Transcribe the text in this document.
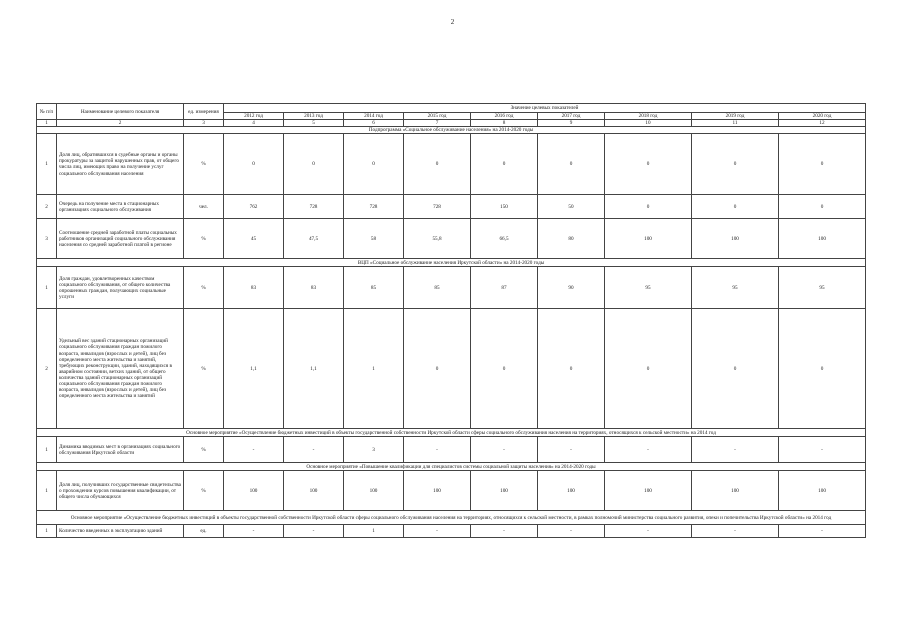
2
№ п/п	Наименование целевого показателя	ед. измерения	Значение целевых показателей								
			2012 год	2013 год	2014 год	2015 год	2016 год	2017 год	2018 год	2019 год	2020 год
1	2	3	4	5	6	7	8	9	10	11	12
Подпрограмма «Социальное обслуживание населения» на 2014-2020 годы											
1	Доля лиц, обратившихся в судебные органы и органы прокуратуры за защитой нарушенных прав, от общего числа лиц, имеющих право на получение услуг социального обслуживания населения	%	0	0	0	0	0	0	0	0	0
2	Очередь на получение места в стационарных организациях социального обслуживания	чел.	762	728	728	728	150	50	0	0	0
3	Соотношение средней заработной платы социальных работников организаций социального обслуживания населения со средней заработной платой в регионе	%	45	47,5	58	55,8	66,5	80	100	100	100
ВЦП «Социальное обслуживание населения Иркутской области» на 2014-2020 годы											
1	Доля граждан, удовлетворенных качеством социального обслуживания, от общего количества опрошенных граждан, получающих социальные услуги	%	83	83	85	85	87	90	95	95	95
2	Удельный вес зданий стационарных организаций социального обслуживания граждан пожилого возраста, инвалидов (взрослых и детей), лиц без определенного места жительства и занятий, требующих реконструкции, зданий, находящихся в аварийном состоянии, ветхих зданий, от общего количества зданий стационарных организаций социального обслуживания граждан пожилого возраста, инвалидов (взрослых и детей), лиц без определенного места жительства и занятий	%	1,1	1,1	1	0	0	0	0	0	0
Основное мероприятие «Осуществление бюджетных инвестиций в объекты государственной собственности Иркутской области сферы социального обслуживания населения на территориях, относящихся к сельской местности» на 2014 год											
1	Динамика вводимых мест в организациях социального обслуживания Иркутской области	%	-	-	3	-	-	-	-	-	-
Основное мероприятие «Повышение квалификации для специалистов системы социальной защиты населения» на 2014-2020 годы											
1	Доля лиц, получивших государственные свидетельства о прохождении курсов повышения квалификации, от общего числа обучающихся	%	100	100	100	100	100	100	100	100	100
Основное мероприятие «Осуществление бюджетных инвестиций в объекты государственной собственности Иркутской области сферы социального обслуживания населения на территориях, относящихся к сельской местности, в рамках полномочий министерства социального развития, опеки и попечительства Иркутской области» на 2014 год											
1	Количество введенных в эксплуатацию зданий	ед.	-	-	1	-	-	-	-	-	-
